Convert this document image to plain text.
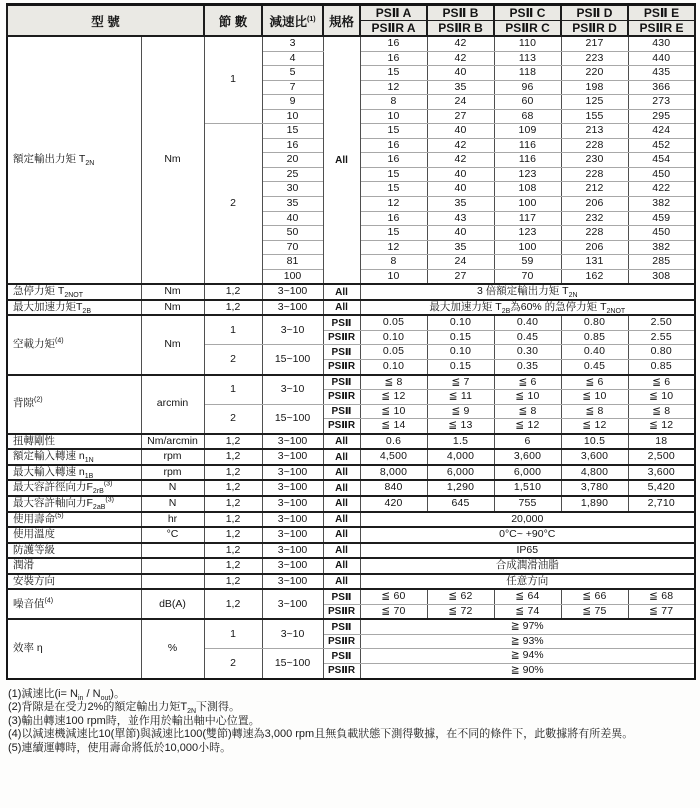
型 號		節 數	減速比$^{(1)}$	規格	PSⅡ A	PSⅡ B	PSⅡ C	PSⅡ D	PSⅡ E
					PSⅡR A	PSⅡR B	PSⅡR C	PSⅡR D	PSⅡR E
額定輸出力矩 $T_{2N}$	Nm	1	3	All	16	42	110	217	430
			4		16	42	113	223	440
			5		15	40	118	220	435
			7		12	35	96	198	366
			9		8	24	60	125	273
			10		10	27	68	155	295
		2	15		15	40	109	213	424
			16		16	42	116	228	452
			20		16	42	116	230	454
			25		15	40	123	228	450
			30		15	40	108	212	422
			35		12	35	100	206	382
			40		16	43	117	232	459
			50		15	40	123	228	450
			70		12	35	100	206	382
			81		8	24	59	131	285
			100		10	27	70	162	308
急停力矩 $T_{2NOT}$	Nm	1,2	3~100	All	3 倍額定輸出力矩 $T_{2N}$
最大加速力矩$T_{2B}$	Nm	1,2	3~100	All	最大加速力矩 $T_{2B}$為60% 的急停力矩 $T_{2NOT}$
空載力矩$^{(4)}$	Nm	1	3~10	PSⅡ	0.05	0.10	0.40	0.80	2.50
				PSⅡR	0.10	0.15	0.45	0.85	2.55
		2	15~100	PSⅡ	0.05	0.10	0.30	0.40	0.80
				PSⅡR	0.10	0.15	0.35	0.45	0.85
背隙$^{(2)}$	arcmin	1	3~10	PSⅡ	≦ 8	≦ 7	≦ 6	≦ 6	≦ 6
				PSⅡR	≦ 12	≦ 11	≦ 10	≦ 10	≦ 10
		2	15~100	PSⅡ	≦ 10	≦ 9	≦ 8	≦ 8	≦ 8
				PSⅡR	≦ 14	≦ 13	≦ 12	≦ 12	≦ 12
扭轉剛性	Nm/arcmin	1,2	3~100	All	0.6	1.5	6	10.5	18
額定輸入轉速 $n_{1N}$	rpm	1,2	3~100	All	4,500	4,000	3,600	3,600	2,500
最大輸入轉速 $n_{1B}$	rpm	1,2	3~100	All	8,000	6,000	6,000	4,800	3,600
最大容許徑向力$F_{2rB}^{(3)}$	N	1,2	3~100	All	840	1,290	1,510	3,780	5,420
最大容許軸向力$F_{2aB}^{(3)}$	N	1,2	3~100	All	420	645	755	1,890	2,710
使用壽命$^{(5)}$	hr	1,2	3~100	All	20,000				
使用溫度	°C	1,2	3~100	All	0°C~ +90°C				
防護等級		1,2	3~100	All	IP65				
潤滑		1,2	3~100	All	合成潤滑油脂				
安裝方向		1,2	3~100	All	任意方向				
噪音值$^{(4)}$	dB(A)	1,2	3~100	PSⅡ	≦ 60	≦ 62	≦ 64	≦ 66	≦ 68
				PSⅡR	≦ 70	≦ 72	≦ 74	≦ 75	≦ 77
效率 η	%	1	3~10	PSⅡ	≧ 97%				
				PSⅡR	≧ 93%				
		2	15~100	PSⅡ	≧ 94%				
				PSⅡR	≧ 90%				

(1)減速比$(i= N_{in} / N_{out})$。

(2)背隙是在受力2%的額定輸出力矩$T_{2N}$下測得。

(3)輸出轉速100 rpm時，並作用於輸出軸中心位置。

(4)以減速機減速比10(單節)與減速比100(雙節)轉速為3,000 rpm且無負載狀態下測得數據，在不同的條件下，此數據將有所差異。

(5)連續運轉時，使用壽命將低於10,000小時。
